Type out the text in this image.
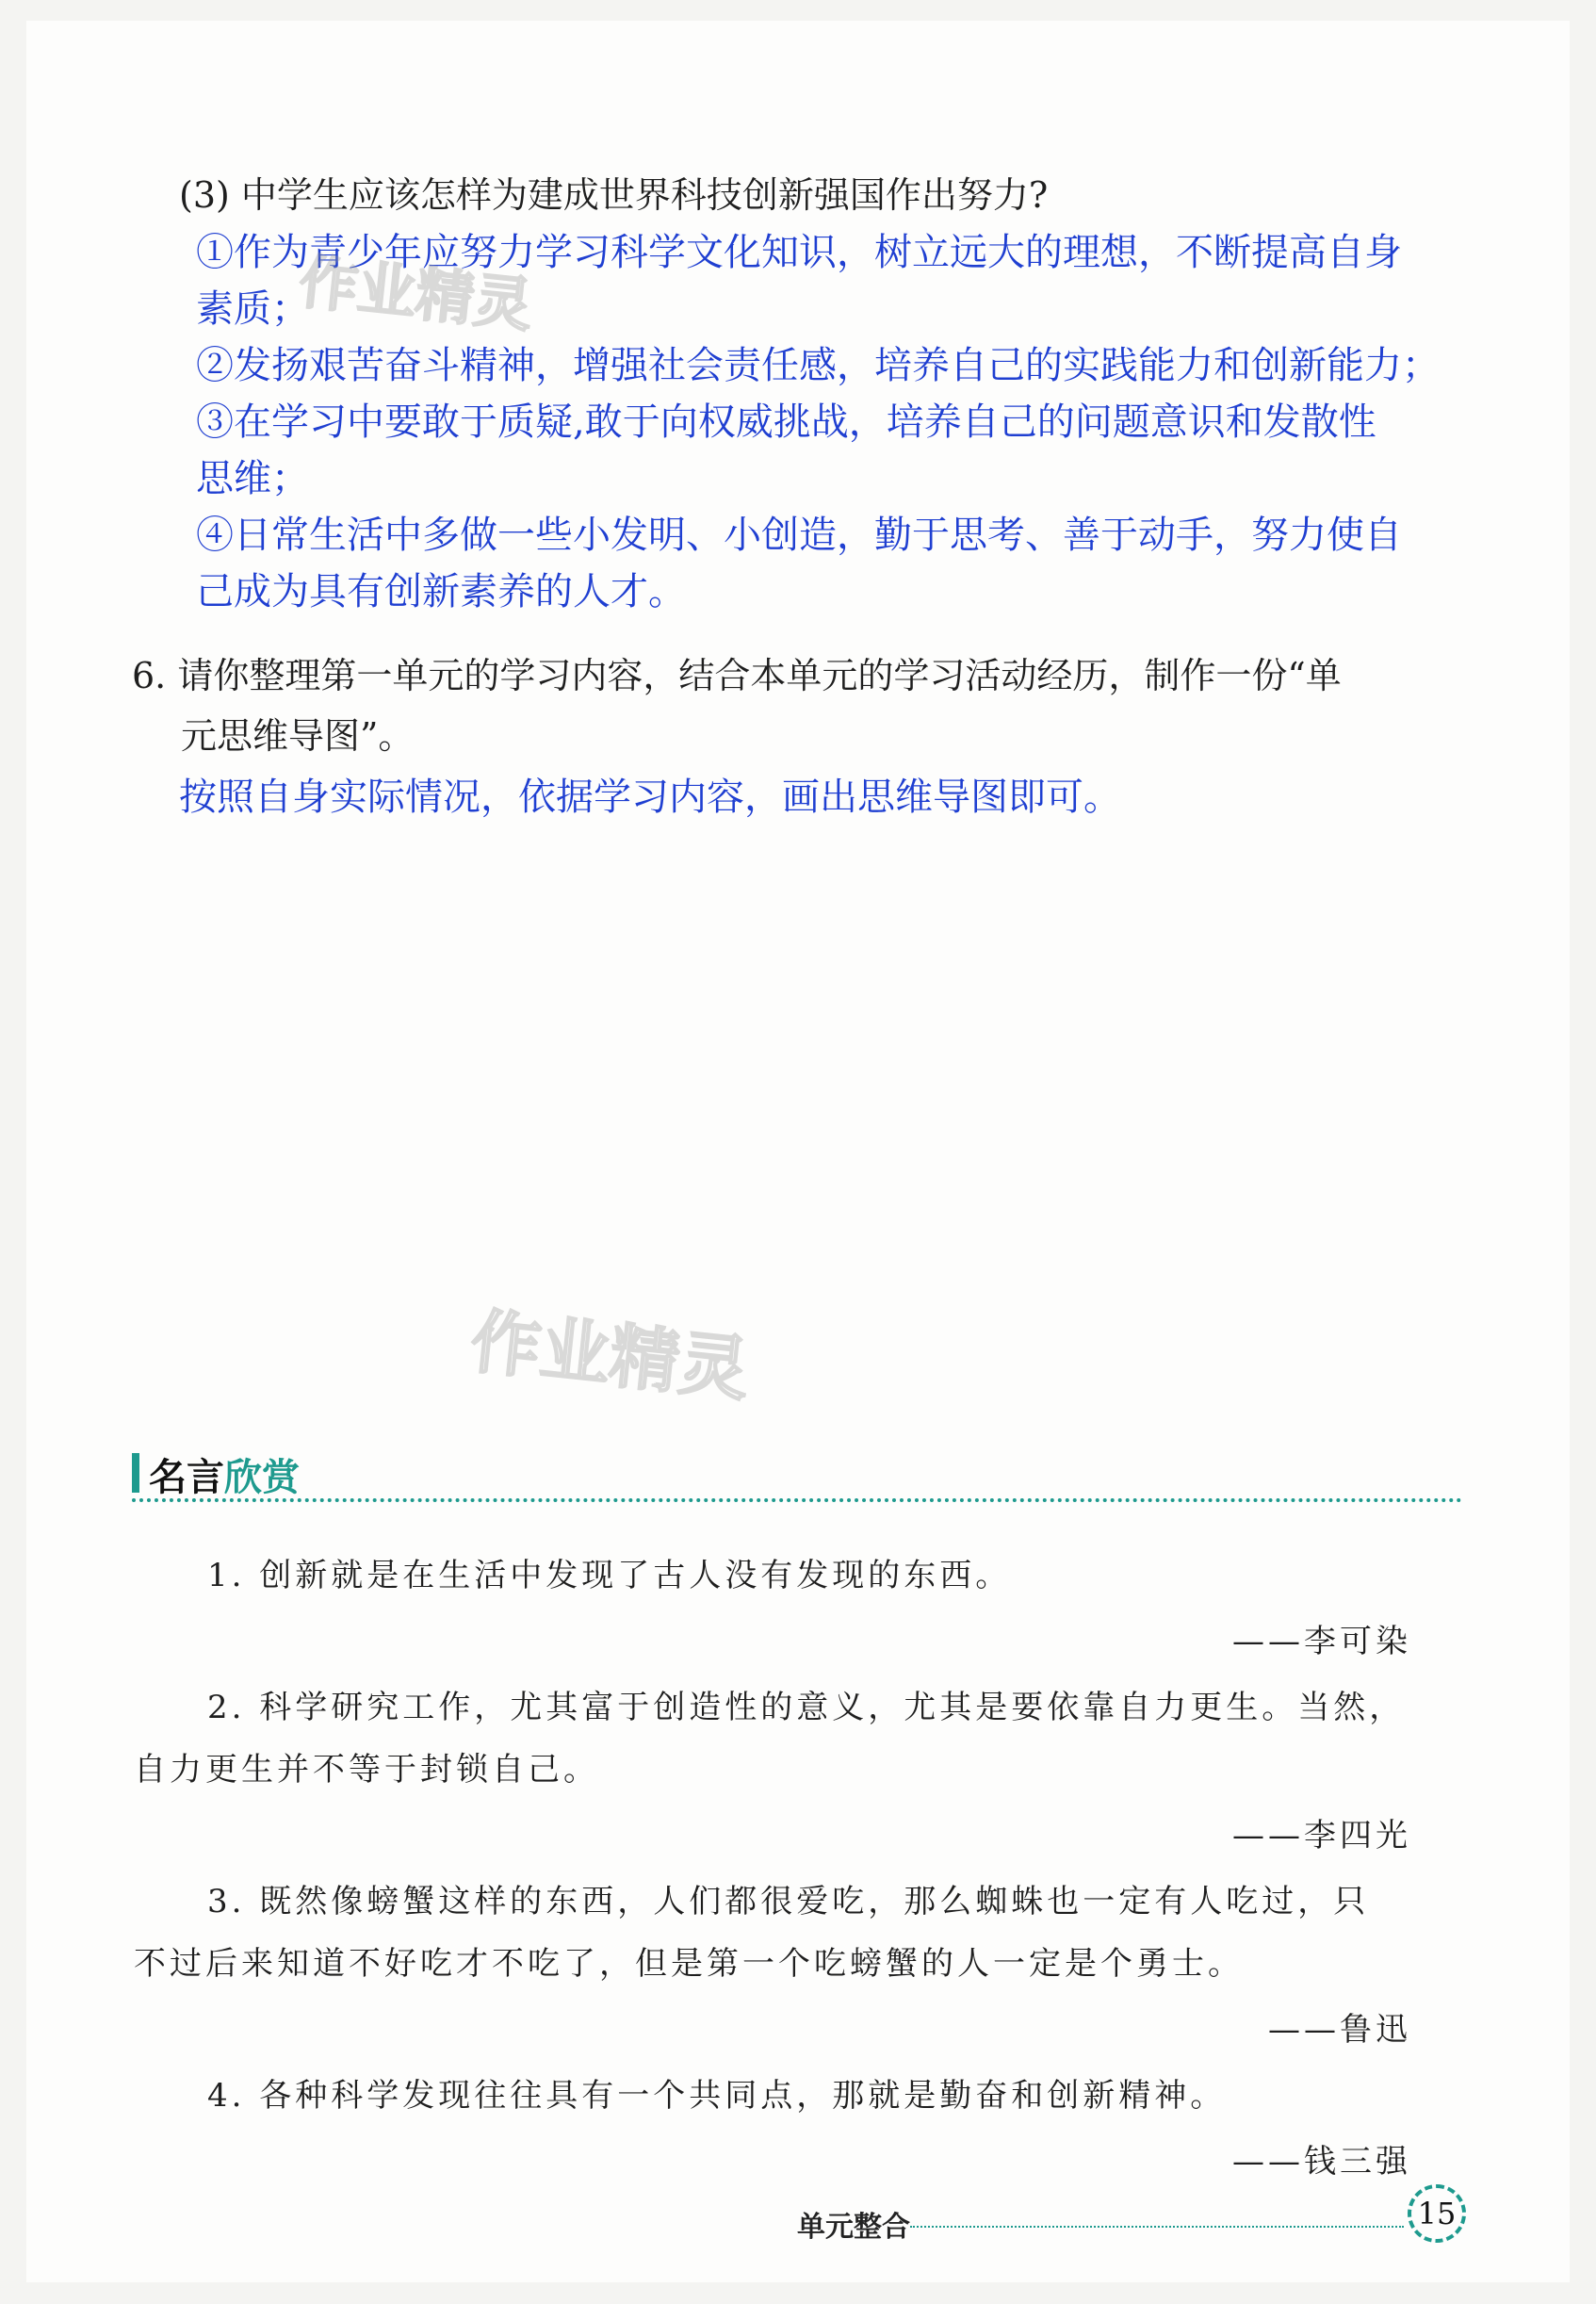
(3) 中学生应该怎样为建成世界科技创新强国作出努力?
①作为青少年应努力学习科学文化知识，树立远大的理想，不断提高自身
素质；
②发扬艰苦奋斗精神，增强社会责任感，培养自己的实践能力和创新能力；
③在学习中要敢于质疑,敢于向权威挑战，培养自己的问题意识和发散性
思维；
④日常生活中多做一些小发明、小创造，勤于思考、善于动手，努力使自
己成为具有创新素养的人才。
6. 请你整理第一单元的学习内容，结合本单元的学习活动经历，制作一份“单
元思维导图”。
按照自身实际情况，依据学习内容，画出思维导图即可。
名言欣赏
1. 创新就是在生活中发现了古人没有发现的东西。
——李可染
2. 科学研究工作，尤其富于创造性的意义，尤其是要依靠自力更生。当然，
自力更生并不等于封锁自己。
——李四光
3. 既然像螃蟹这样的东西，人们都很爱吃，那么蜘蛛也一定有人吃过，只
不过后来知道不好吃才不吃了，但是第一个吃螃蟹的人一定是个勇士。
——鲁迅
4. 各种科学发现往往具有一个共同点，那就是勤奋和创新精神。
——钱三强
单元整合	15
